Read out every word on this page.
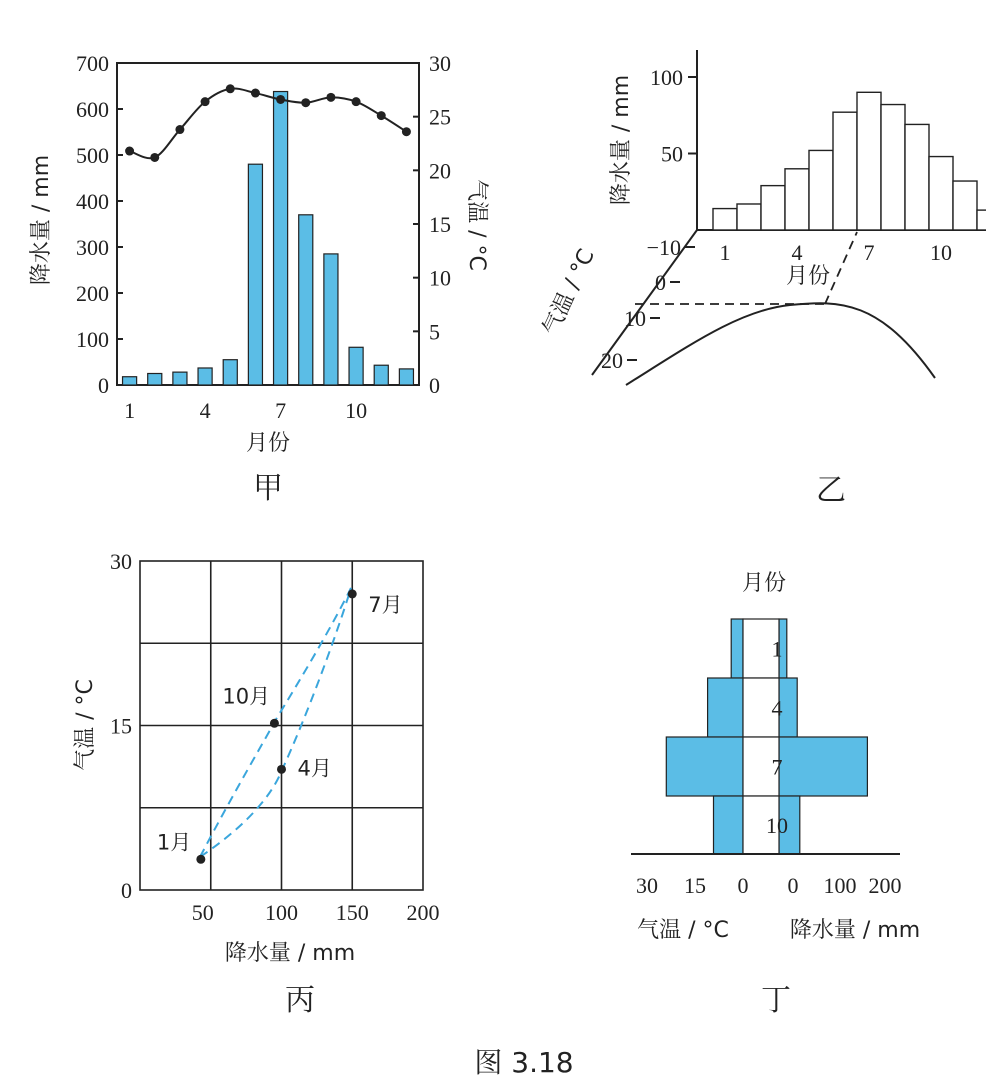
0
100
200
300
400
500
600
700
0
5
10
15
20
25
30
1	4	7	10
降水量 / mm	气温 / °C
月份
甲
50
100
1	4	7	10
−10
0
10
20
降水量 / mm
气温 / °C	月份
乙
50 100 150 200
0
15
30
1月
4月
7月
10月
气温 / °C
降水量 / mm
丙
月份
1
4
7
10
30 15 0 0 100 200
气温 / °C	降水量 / mm
丁
图 3.18
